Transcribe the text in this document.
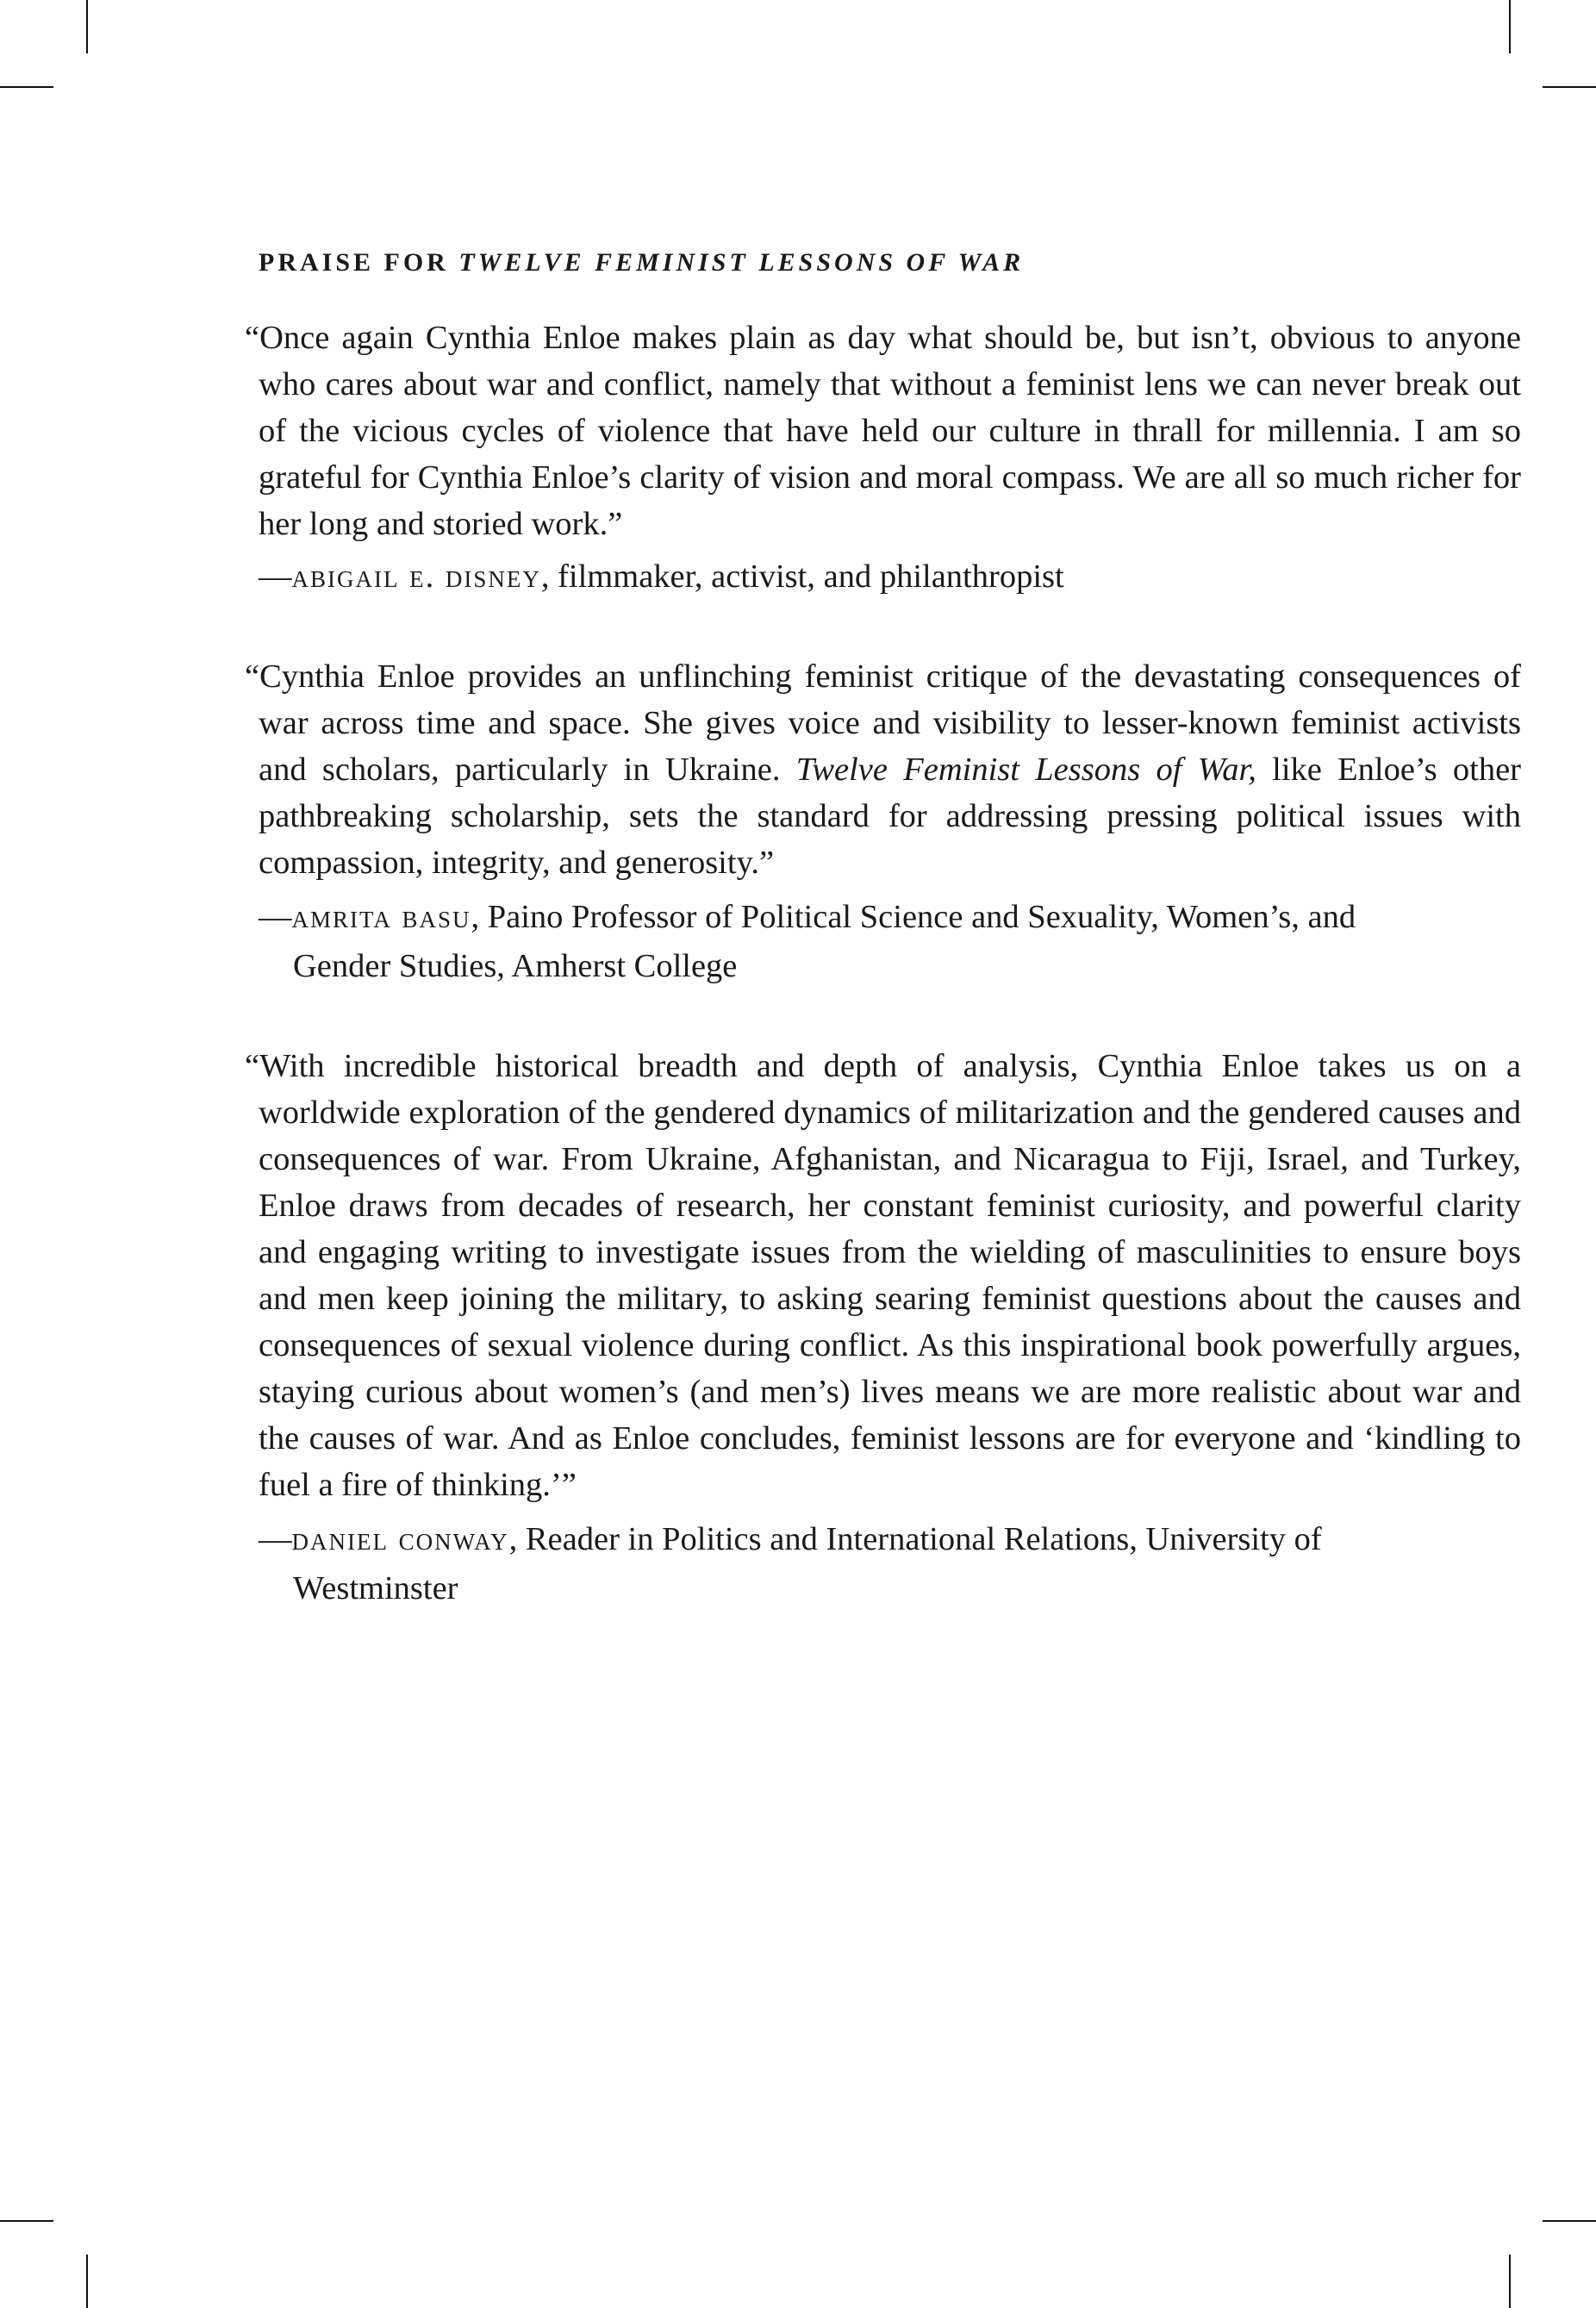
PRAISE FOR TWELVE FEMINIST LESSONS OF WAR
“Once again Cynthia Enloe makes plain as day what should be, but isn’t, obvious to anyone who cares about war and conflict, namely that without a feminist lens we can never break out of the vicious cycles of violence that have held our culture in thrall for millennia. I am so grateful for Cynthia Enloe’s clarity of vision and moral compass. We are all so much richer for her long and storied work.”
—abigail e. disney, filmmaker, activist, and philanthropist
“Cynthia Enloe provides an unflinching feminist critique of the devastating consequences of war across time and space. She gives voice and visibility to lesser-known feminist activists and scholars, particularly in Ukraine. Twelve Feminist Lessons of War, like Enloe’s other pathbreaking scholarship, sets the standard for addressing pressing political issues with compassion, integrity, and generosity.”
—amrita basu, Paino Professor of Political Science and Sexuality, Women’s, and Gender Studies, Amherst College
“With incredible historical breadth and depth of analysis, Cynthia Enloe takes us on a worldwide exploration of the gendered dynamics of militarization and the gendered causes and consequences of war. From Ukraine, Afghanistan, and Nicaragua to Fiji, Israel, and Turkey, Enloe draws from decades of research, her constant feminist curiosity, and powerful clarity and engaging writing to investigate issues from the wielding of masculinities to ensure boys and men keep joining the military, to asking searing feminist questions about the causes and consequences of sexual violence during conflict. As this inspirational book powerfully argues, staying curious about women’s (and men’s) lives means we are more realistic about war and the causes of war. And as Enloe concludes, feminist lessons are for everyone and ‘kindling to fuel a fire of thinking.’”
—daniel conway, Reader in Politics and International Relations, University of Westminster
